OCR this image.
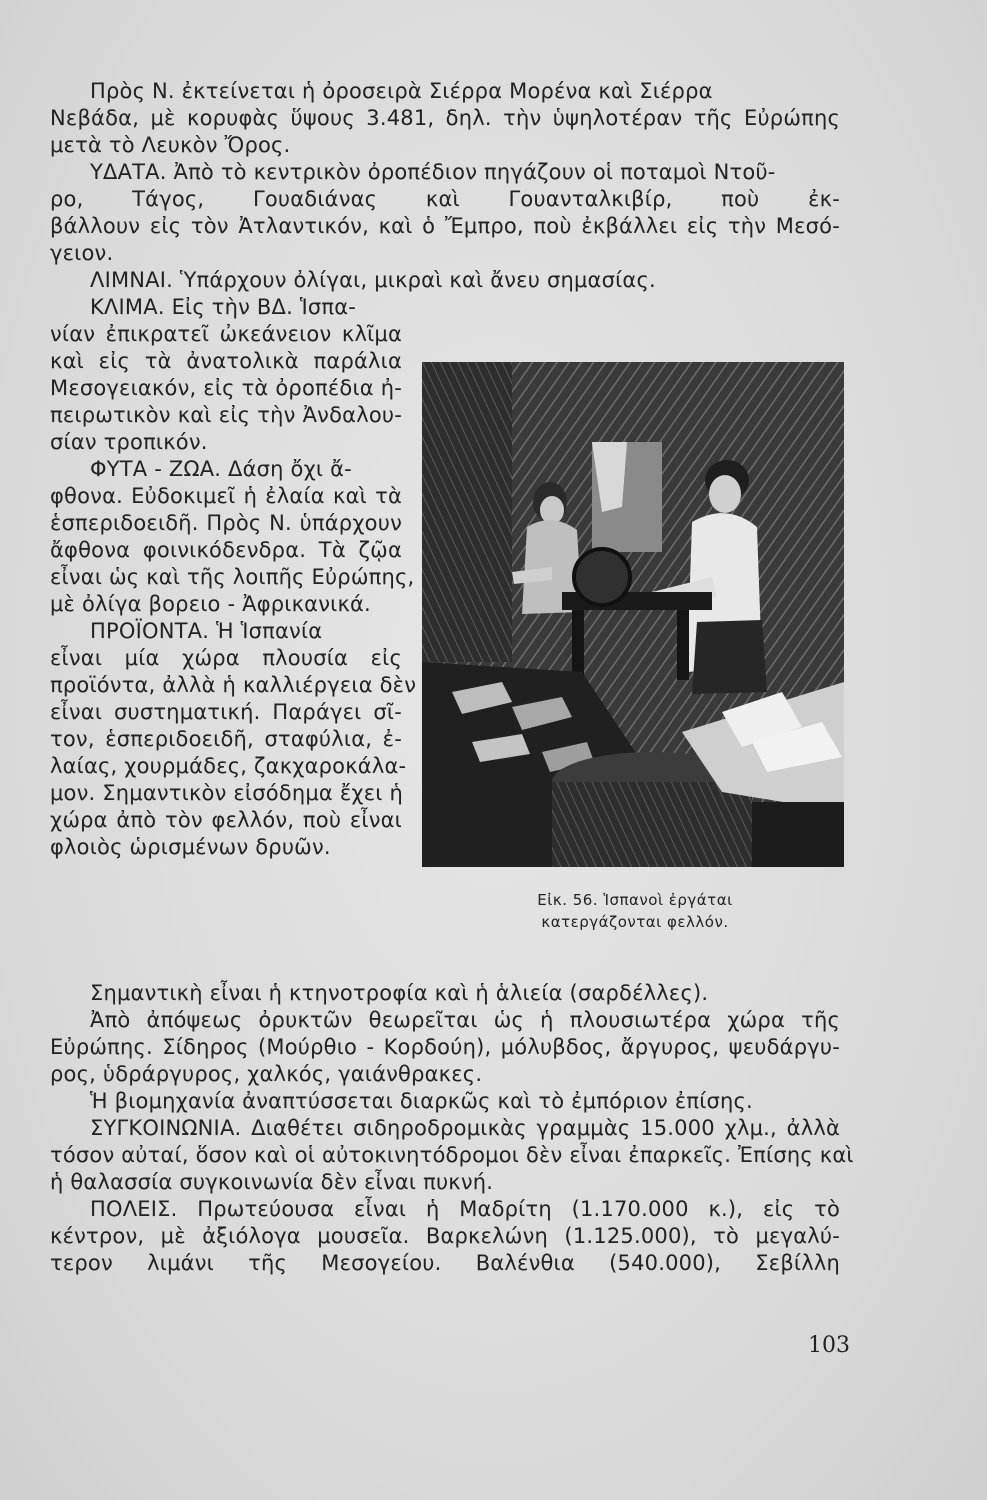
Πρὸς Ν. ἐκτείνεται ἡ ὀροσειρὰ Σιέρρα Μορένα καὶ Σιέρρα
Νεβάδα, μὲ κορυφὰς ὕψους 3.481, δηλ. τὴν ὑψηλοτέραν τῆς Εὐρώπης
μετὰ τὸ Λευκὸν Ὄρος.
ΥΔΑΤΑ. Ἀπὸ τὸ κεντρικὸν ὀροπέδιον πηγάζουν οἱ ποταμοὶ Ντοῦ-
ρο, Τάγος, Γουαδιάνας καὶ Γουανταλκιβίρ, ποὺ ἐκ-
βάλλουν εἰς τὸν Ἀτλαντικόν, καὶ ὁ Ἔμπρο, ποὺ ἐκβάλλει εἰς τὴν Μεσό-
γειον.
ΛΙΜΝΑΙ. Ὑπάρχουν ὀλίγαι, μικραὶ καὶ ἄνευ σημασίας.
ΚΛΙΜΑ. Εἰς τὴν ΒΔ. Ἱσπα-
νίαν ἐπικρατεῖ ὠκεάνειον κλῖμα
καὶ εἰς τὰ ἀνατολικὰ παράλια
Μεσογειακόν, εἰς τὰ ὀροπέδια ἠ-
πειρωτικὸν καὶ εἰς τὴν Ἀνδαλου-
σίαν τροπικόν.
ΦΥΤΑ - ΖΩΑ. Δάση ὄχι ἄ-
φθονα. Εὐδοκιμεῖ ἡ ἐλαία καὶ τὰ
ἑσπεριδοειδῆ. Πρὸς Ν. ὑπάρχουν
ἄφθονα φοινικόδενδρα. Τὰ ζῷα
εἶναι ὡς καὶ τῆς λοιπῆς Εὐρώπης,
μὲ ὀλίγα βορειο - Ἀφρικανικά.
ΠΡΟΪΟΝΤΑ. Ἡ Ἱσπανία
εἶναι μία χώρα πλουσία εἰς
προϊόντα, ἀλλὰ ἡ καλλιέργεια δὲν
εἶναι συστηματική. Παράγει σῖ-
τον, ἑσπεριδοειδῆ, σταφύλια, ἐ-
λαίας, χουρμάδες, ζακχαροκάλα-
μον. Σημαντικὸν εἰσόδημα ἔχει ἡ
χώρα ἀπὸ τὸν φελλόν, ποὺ εἶναι
φλοιὸς ὡρισμένων δρυῶν.
Εἰκ. 56. Ἱσπανοὶ ἐργάται
κατεργάζονται φελλόν.
Σημαντικὴ εἶναι ἡ κτηνοτροφία καὶ ἡ ἁλιεία (σαρδέλλες).
Ἀπὸ ἀπόψεως ὀρυκτῶν θεωρεῖται ὡς ἡ πλουσιωτέρα χώρα τῆς
Εὐρώπης. Σίδηρος (Μούρθιο - Κορδούη), μόλυβδος, ἄργυρος, ψευδάργυ-
ρος, ὑδράργυρος, χαλκός, γαιάνθρακες.
Ἡ βιομηχανία ἀναπτύσσεται διαρκῶς καὶ τὸ ἐμπόριον ἐπίσης.
ΣΥΓΚΟΙΝΩΝΙΑ. Διαθέτει σιδηροδρομικὰς γραμμὰς 15.000 χλμ., ἀλλὰ
τόσον αὐταί, ὅσον καὶ οἱ αὐτοκινητόδρομοι δὲν εἶναι ἐπαρκεῖς. Ἐπίσης καὶ
ἡ θαλασσία συγκοινωνία δὲν εἶναι πυκνή.
ΠΟΛΕΙΣ. Πρωτεύουσα εἶναι ἡ Μαδρίτη (1.170.000 κ.), εἰς τὸ
κέντρον, μὲ ἀξιόλογα μουσεῖα. Βαρκελώνη (1.125.000), τὸ μεγαλύ-
τερον λιμάνι τῆς Μεσογείου. Βαλένθια (540.000), Σεβίλλη
103
